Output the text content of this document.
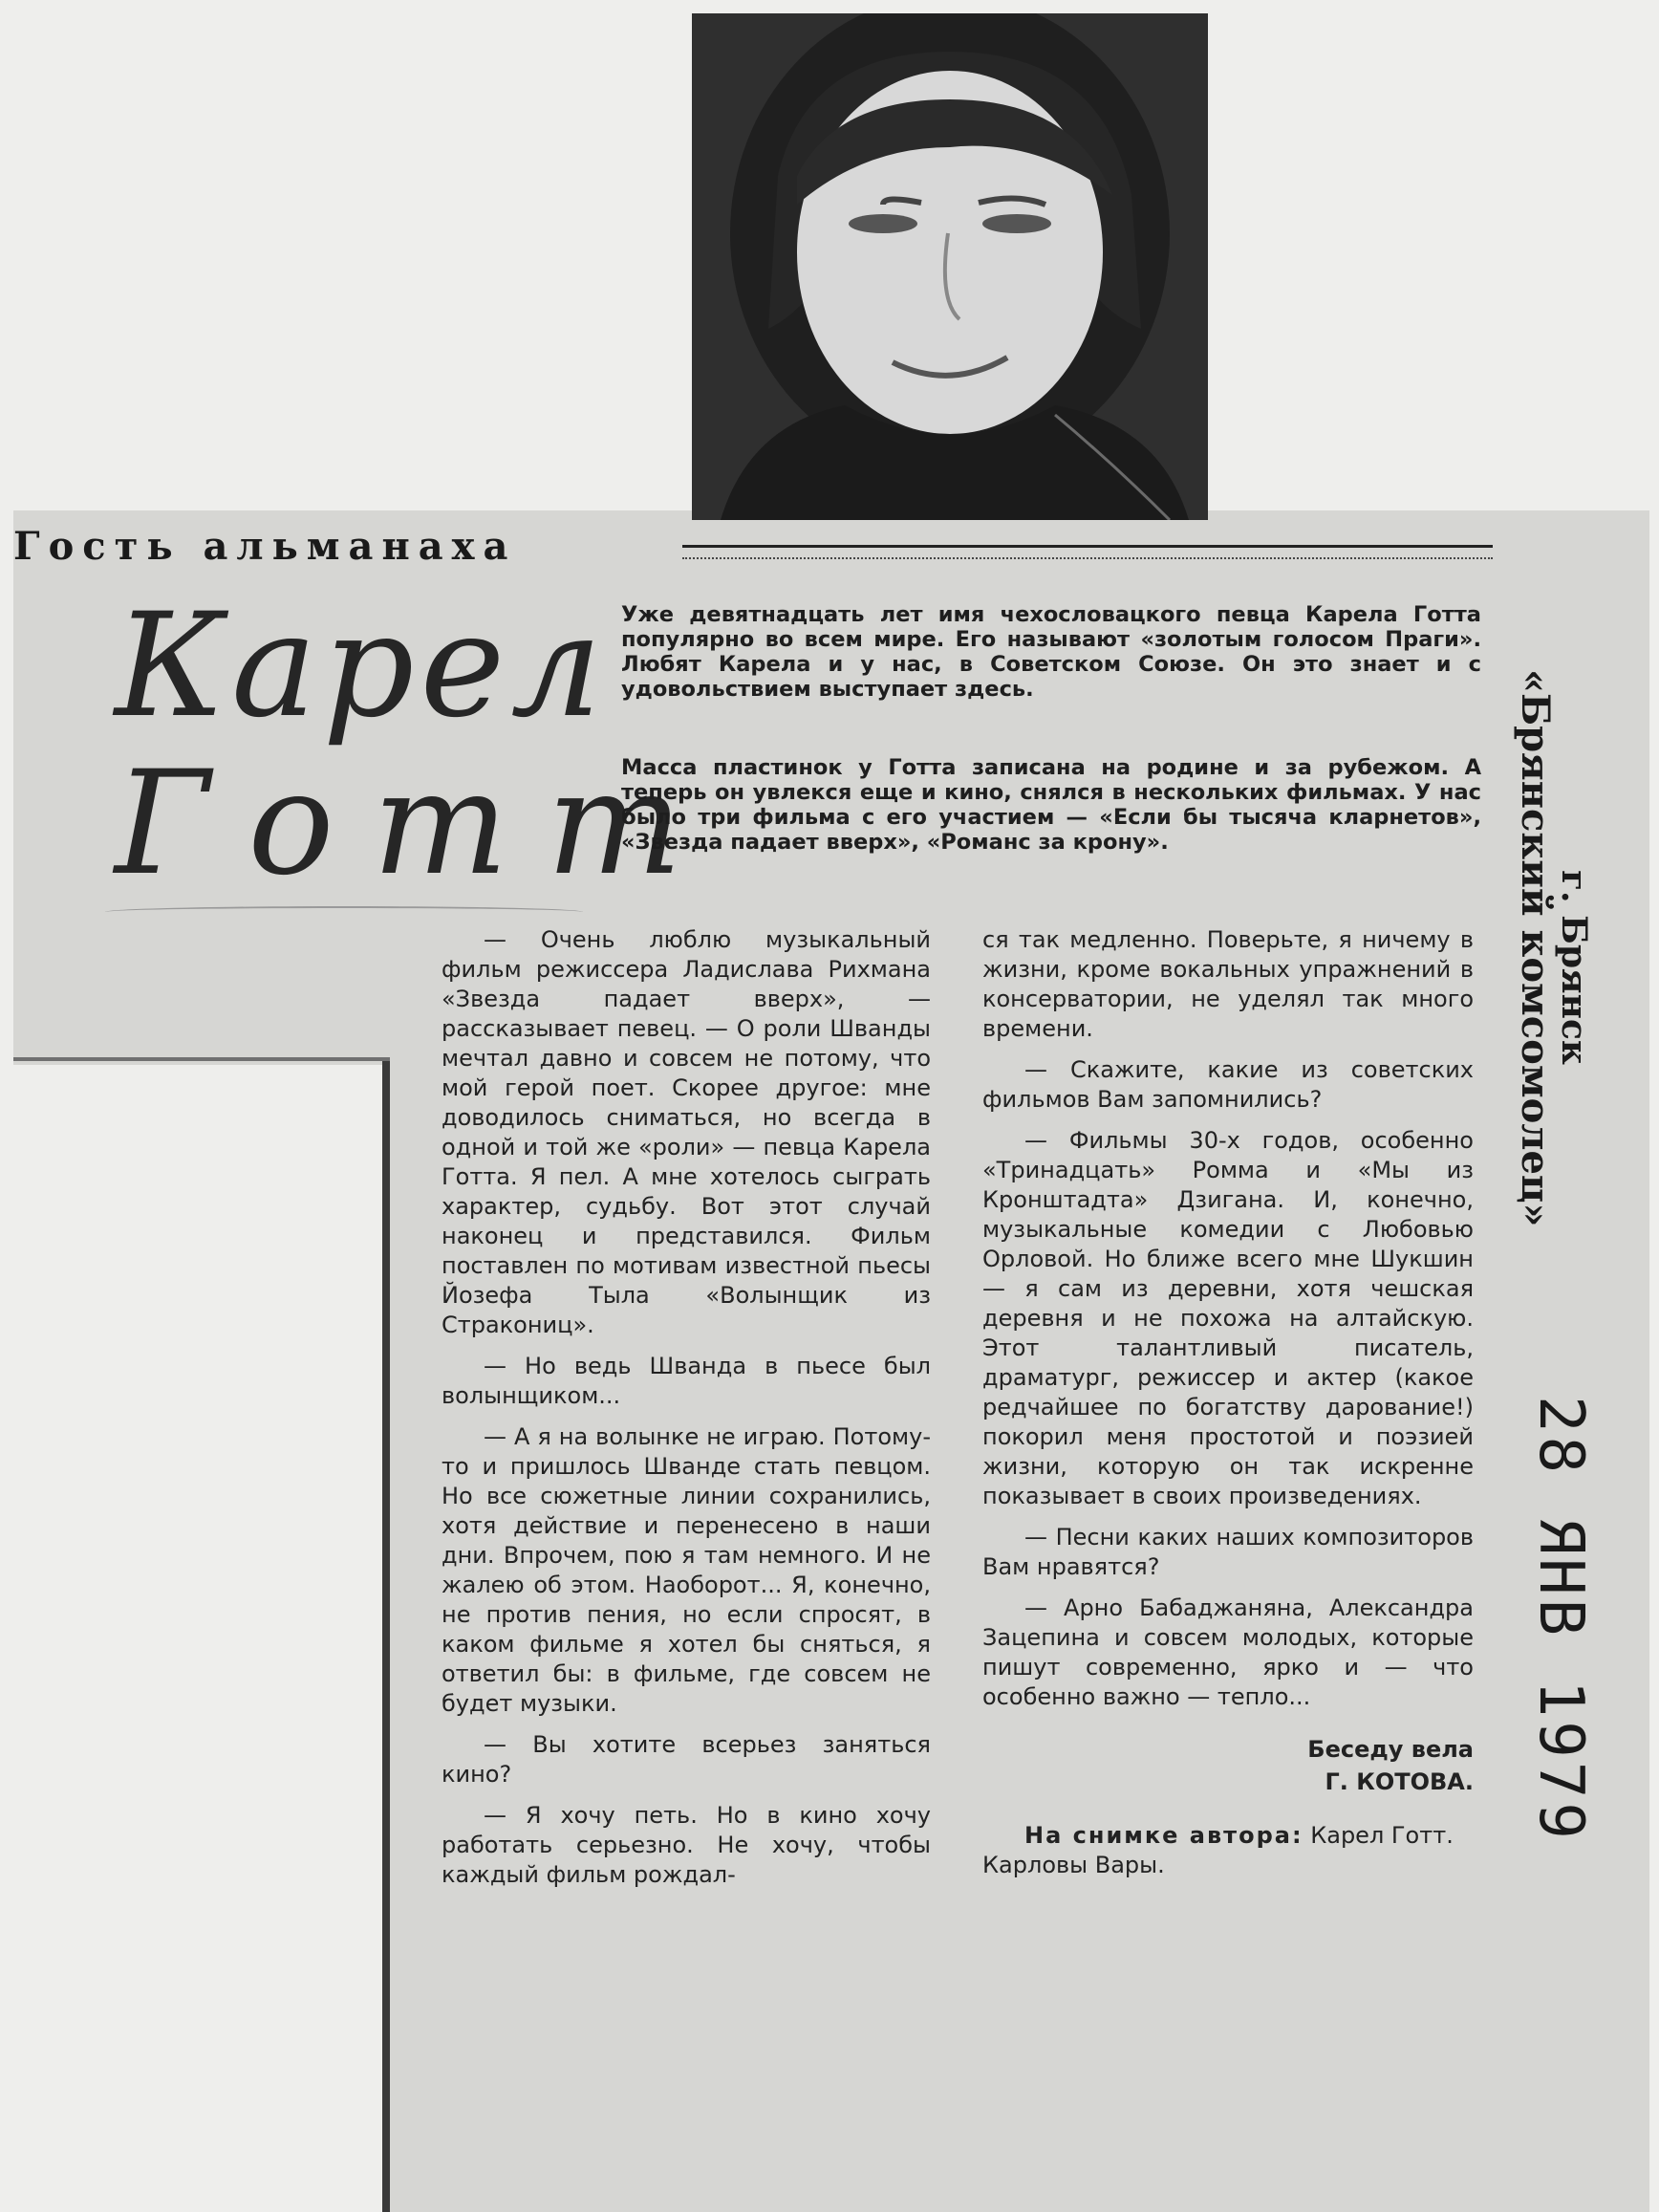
Гость альманаха
Карел
Готт

Уже девятнадцать лет имя чехословацкого певца Карела Готта популярно во всем мире. Его называют «золотым голосом Праги». Любят Карела и у нас, в Советском Союзе. Он это знает и с удовольствием выступает здесь.

Масса пластинок у Готта записана на родине и за рубежом. А теперь он увлекся еще и кино, снялся в нескольких фильмах. У нас было три фильма с его участием — «Если бы тысяча кларнетов», «Звезда падает вверх», «Романс за крону».

— Очень люблю музыкальный фильм режиссера Ладислава Рихмана «Звезда падает вверх», — рассказывает певец. — О роли Шванды мечтал давно и совсем не потому, что мой герой поет. Скорее другое: мне доводилось сниматься, но всегда в одной и той же «роли» — певца Карела Готта. Я пел. А мне хотелось сыграть характер, судьбу. Вот этот случай наконец и представился. Фильм поставлен по мотивам известной пьесы Йозефа Тыла «Волынщик из Стракониц».

— Но ведь Шванда в пьесе был волынщиком...

— А я на волынке не играю. Потому-то и пришлось Шванде стать певцом. Но все сюжетные линии сохранились, хотя действие и перенесено в наши дни. Впрочем, пою я там немного. И не жалею об этом. Наоборот... Я, конечно, не против пения, но если спросят, в каком фильме я хотел бы сняться, я ответил бы: в фильме, где совсем не будет музыки.

— Вы хотите всерьез заняться кино?

— Я хочу петь. Но в кино хочу работать серьезно. Не хочу, чтобы каждый фильм рождал-

ся так медленно. Поверьте, я ничему в жизни, кроме вокальных упражнений в консерватории, не уделял так много времени.

— Скажите, какие из советских фильмов Вам запомнились?

— Фильмы 30-х годов, особенно «Тринадцать» Ромма и «Мы из Кронштадта» Дзигана. И, конечно, музыкальные комедии с Любовью Орловой. Но ближе всего мне Шукшин — я сам из деревни, хотя чешская деревня и не похожа на алтайскую. Этот талантливый писатель, драматург, режиссер и актер (какое редчайшее по богатству дарование!) покорил меня простотой и поэзией жизни, которую он так искренне показывает в своих произведениях.

— Песни каких наших композиторов Вам нравятся?

— Арно Бабаджаняна, Александра Зацепина и совсем молодых, которые пишут современно, ярко и — что особенно важно — тепло...

Беседу вела
Г. КОТОВА.

На снимке автора: Карел Готт.
Карловы Вары.

«Брянский комсомолец»
г. Брянск
28 ЯНВ 1979
